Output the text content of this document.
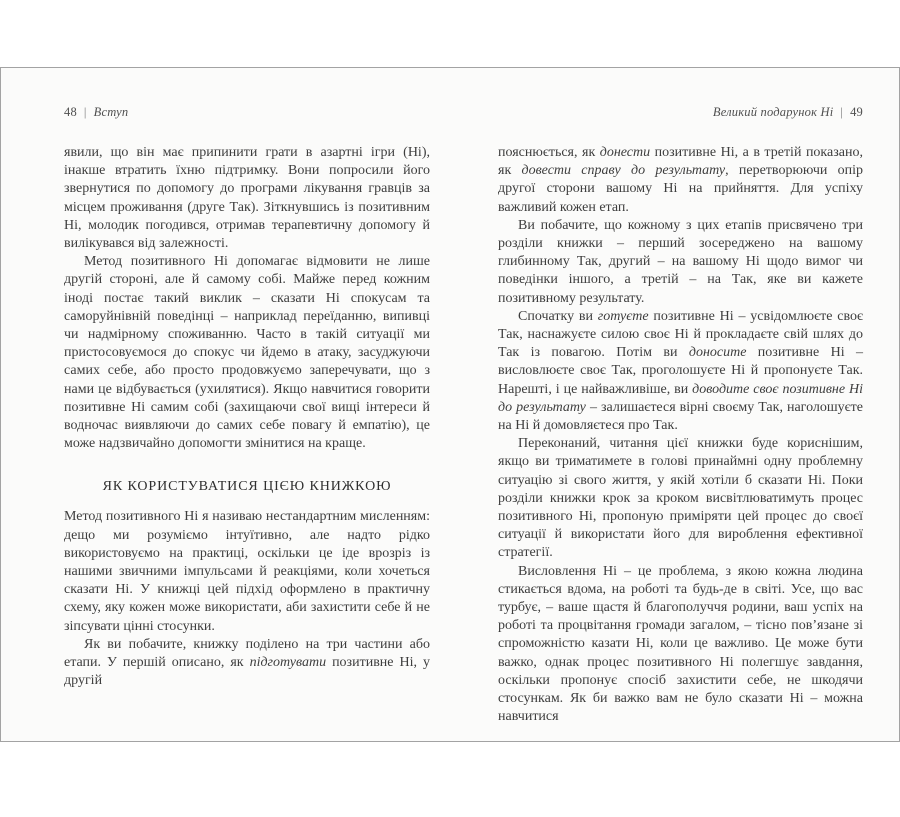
48 | Вступ

явили, що він має припинити грати в азартні ігри (Ні), інакше втратить їхню підтримку. Вони попросили його звернутися по допомогу до програми лікування гравців за місцем проживання (друге Так). Зіткнувшись із позитивним Ні, молодик погодився, отримав терапевтичну допомогу й вилікувався від залежності.

Метод позитивного Ні допомагає відмовити не лише другій стороні, але й самому собі. Майже перед кожним іноді постає такий виклик – сказати Ні спокусам та саморуйнівній поведінці – наприклад переїданню, випивці чи надмірному споживанню. Часто в такій ситуації ми пристосовуємося до спокус чи йдемо в атаку, засуджуючи самих себе, або просто продовжуємо заперечувати, що з нами це відбувається (ухилятися). Якщо навчитися говорити позитивне Ні самим собі (захищаючи свої вищі інтереси й водночас виявляючи до самих себе повагу й емпатію), це може надзвичайно допомогти змінитися на краще.

ЯК КОРИСТУВАТИСЯ ЦІЄЮ КНИЖКОЮ

Метод позитивного Ні я називаю нестандартним мисленням: дещо ми розуміємо інтуїтивно, але надто рідко використовуємо на практиці, оскільки це іде врозріз із нашими звичними імпульсами й реакціями, коли хочеться сказати Ні. У книжці цей підхід оформлено в практичну схему, яку кожен може використати, аби захистити себе й не зіпсувати цінні стосунки.

Як ви побачите, книжку поділено на три частини або етапи. У першій описано, як підготувати позитивне Ні, у другій

Великий подарунок Ні | 49

пояснюється, як донести позитивне Ні, а в третій показано, як довести справу до результату, перетворюючи опір другої сторони вашому Ні на прийняття. Для успіху важливий кожен етап.

Ви побачите, що кожному з цих етапів присвячено три розділи книжки – перший зосереджено на вашому глибинному Так, другий – на вашому Ні щодо вимог чи поведінки іншого, а третій – на Так, яке ви кажете позитивному результату.

Спочатку ви готуєте позитивне Ні – усвідомлюєте своє Так, наснажуєте силою своє Ні й прокладаєте свій шлях до Так із повагою. Потім ви доносите позитивне Ні – висловлюєте своє Так, проголошуєте Ні й пропонуєте Так. Нарешті, і це найважливіше, ви доводите своє позитивне Ні до результату – залишаєтеся вірні своєму Так, наголошуєте на Ні й домовляєтеся про Так.

Переконаний, читання цієї книжки буде кориснішим, якщо ви триматимете в голові принаймні одну проблемну ситуацію зі свого життя, у якій хотіли б сказати Ні. Поки розділи книжки крок за кроком висвітлюватимуть процес позитивного Ні, пропоную приміряти цей процес до своєї ситуації й використати його для вироблення ефективної стратегії.

Висловлення Ні – це проблема, з якою кожна людина стикається вдома, на роботі та будь-де в світі. Усе, що вас турбує, – ваше щастя й благополуччя родини, ваш успіх на роботі та процвітання громади загалом, – тісно пов’язане зі спроможністю казати Ні, коли це важливо. Це може бути важко, однак процес позитивного Ні полегшує завдання, оскільки пропонує спосіб захистити себе, не шкодячи стосункам. Як би важко вам не було сказати Ні – можна навчитися
